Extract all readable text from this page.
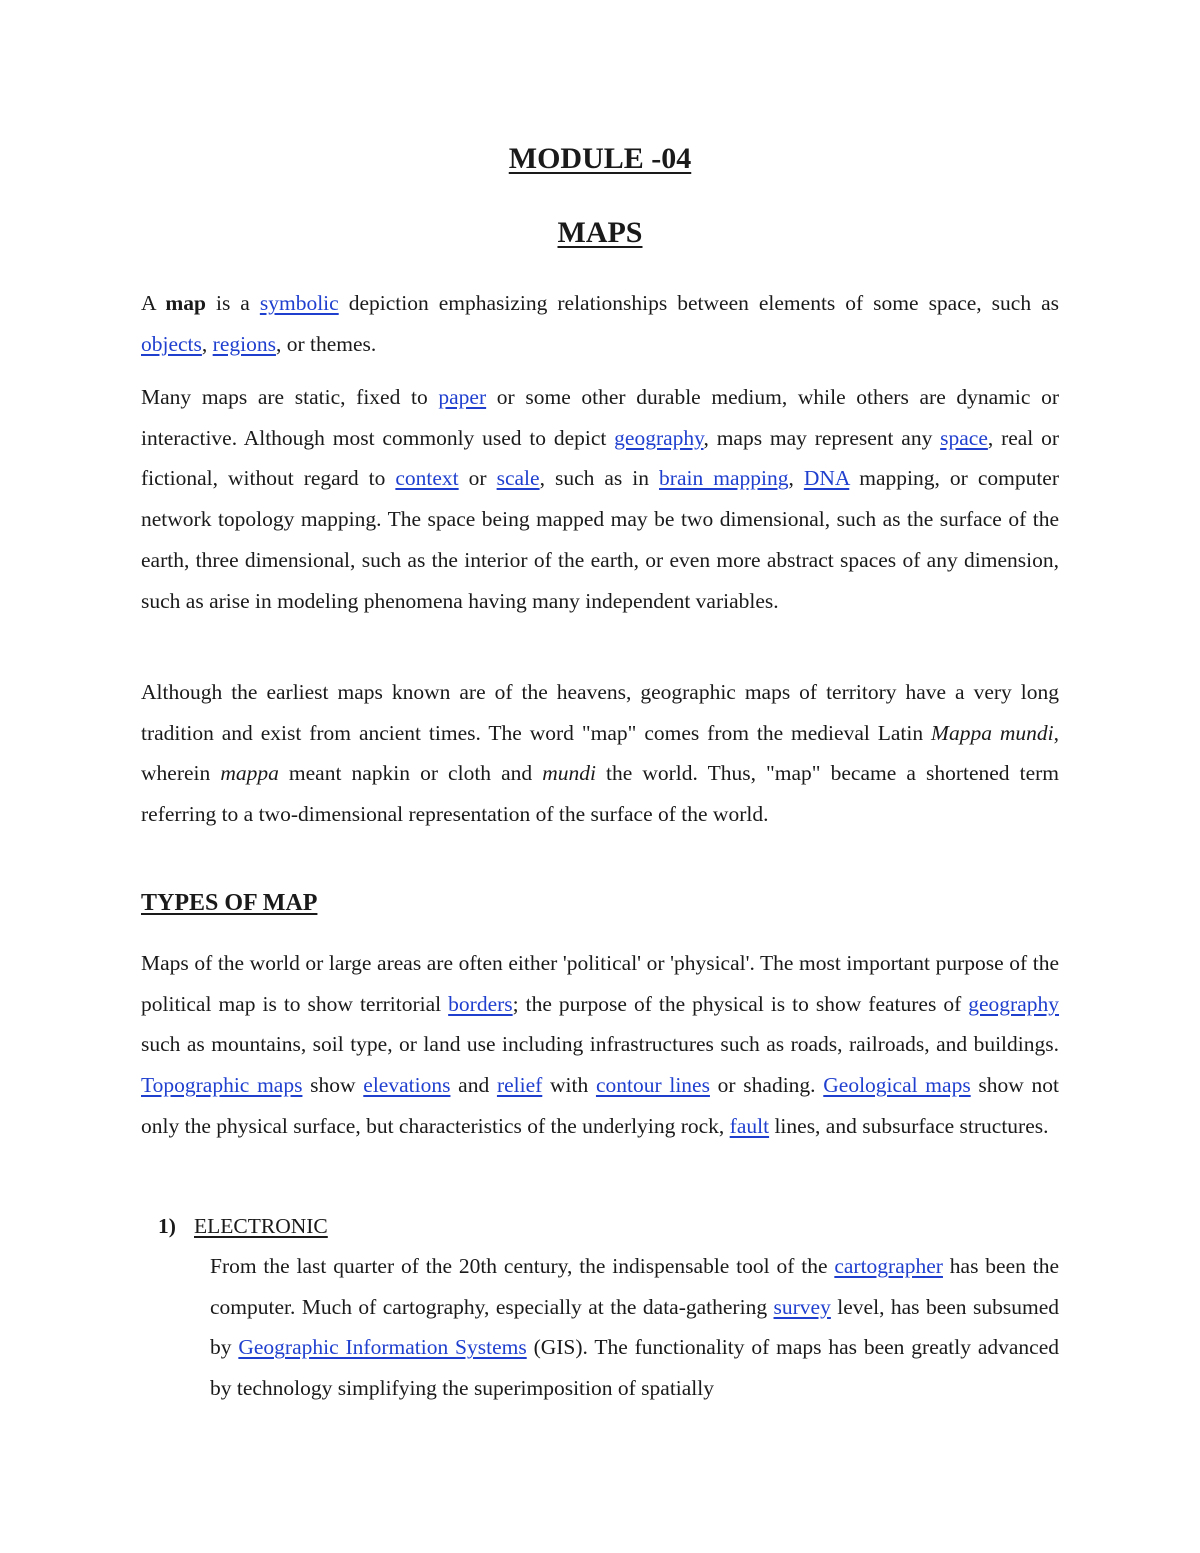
MODULE -04
MAPS

A map is a symbolic depiction emphasizing relationships between elements of some space, such as objects, regions, or themes.

Many maps are static, fixed to paper or some other durable medium, while others are dynamic or interactive. Although most commonly used to depict geography, maps may represent any space, real or fictional, without regard to context or scale, such as in brain mapping, DNA mapping, or computer network topology mapping. The space being mapped may be two dimensional, such as the surface of the earth, three dimensional, such as the interior of the earth, or even more abstract spaces of any dimension, such as arise in modeling phenomena having many independent variables.

Although the earliest maps known are of the heavens, geographic maps of territory have a very long tradition and exist from ancient times. The word "map" comes from the medieval Latin Mappa mundi, wherein mappa meant napkin or cloth and mundi the world. Thus, "map" became a shortened term referring to a two-dimensional representation of the surface of the world.

TYPES OF MAP

Maps of the world or large areas are often either 'political' or 'physical'. The most important purpose of the political map is to show territorial borders; the purpose of the physical is to show features of geography such as mountains, soil type, or land use including infrastructures such as roads, railroads, and buildings. Topographic maps show elevations and relief with contour lines or shading. Geological maps show not only the physical surface, but characteristics of the underlying rock, fault lines, and subsurface structures.

1) ELECTRONIC

From the last quarter of the 20th century, the indispensable tool of the cartographer has been the computer. Much of cartography, especially at the data-gathering survey level, has been subsumed by Geographic Information Systems (GIS). The functionality of maps has been greatly advanced by technology simplifying the superimposition of spatially
